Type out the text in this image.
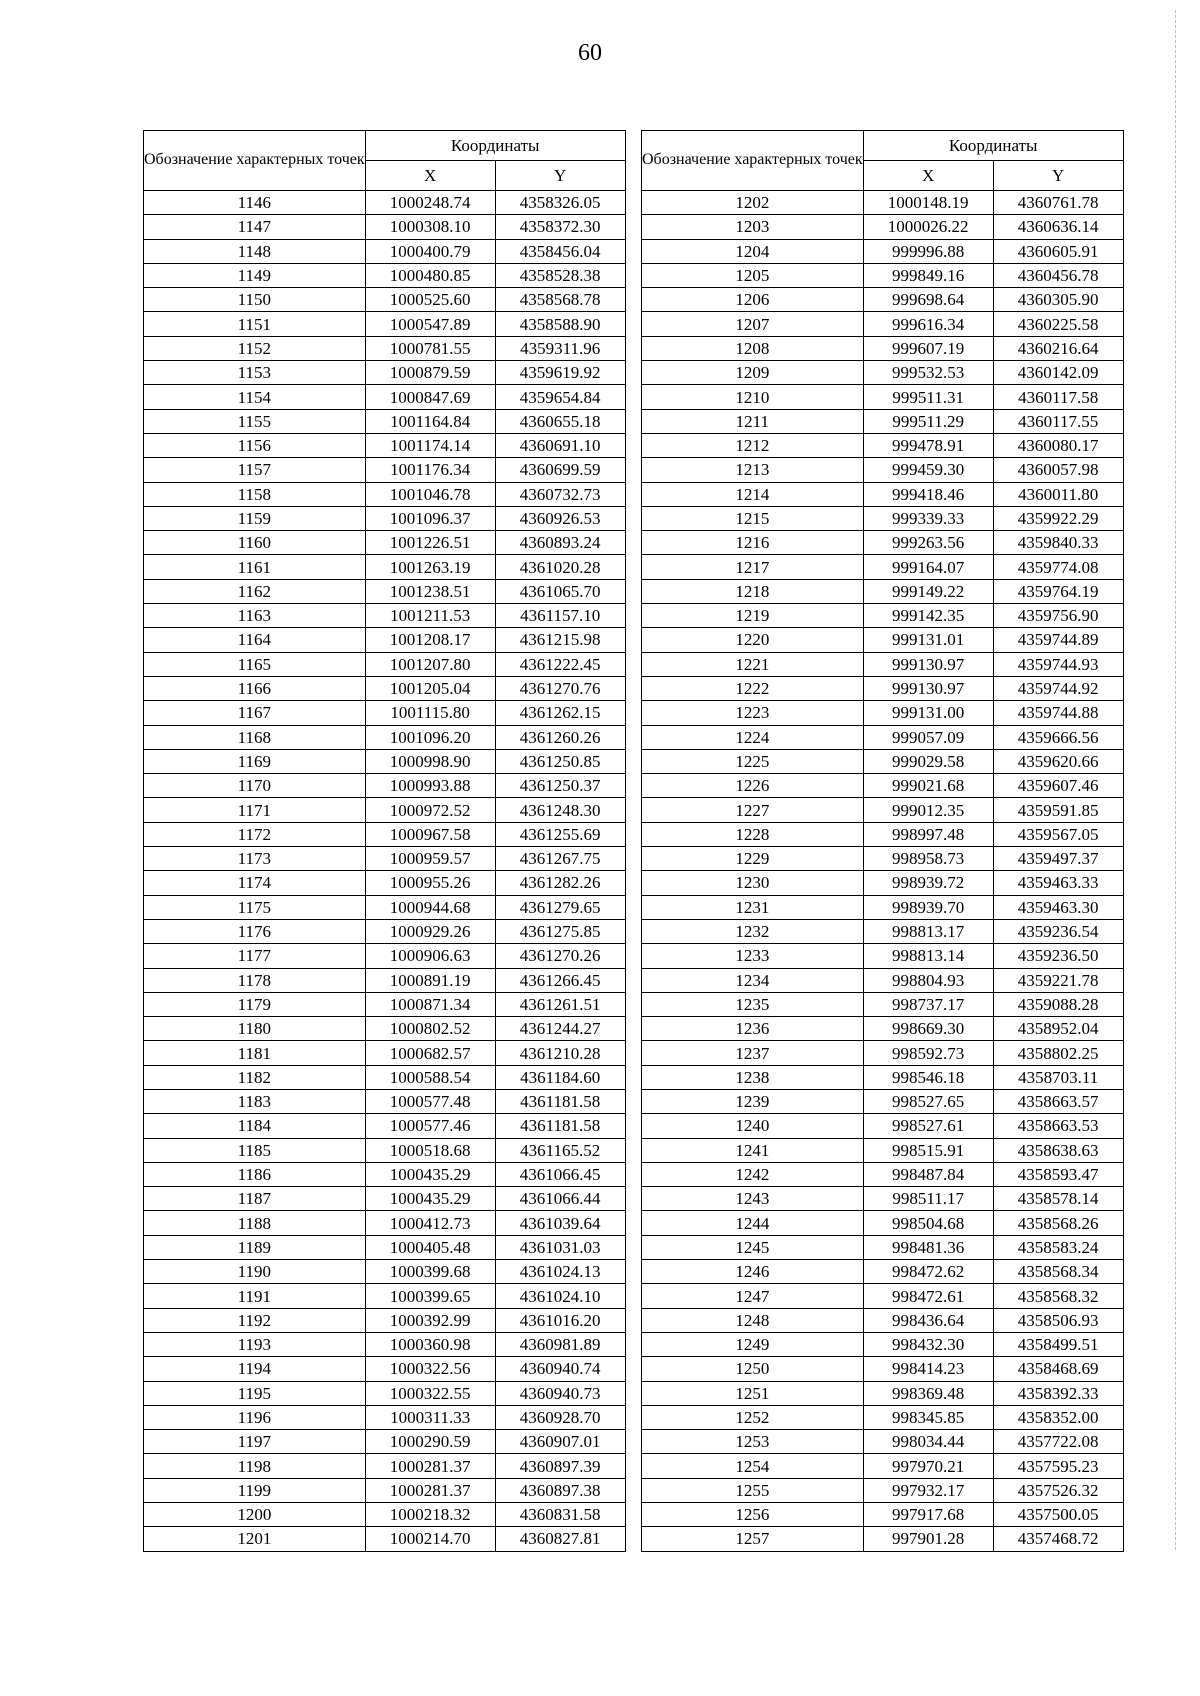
60
Обозначение характерных точек	Координаты	
	X	Y
1146	1000248.74	4358326.05
1147	1000308.10	4358372.30
1148	1000400.79	4358456.04
1149	1000480.85	4358528.38
1150	1000525.60	4358568.78
1151	1000547.89	4358588.90
1152	1000781.55	4359311.96
1153	1000879.59	4359619.92
1154	1000847.69	4359654.84
1155	1001164.84	4360655.18
1156	1001174.14	4360691.10
1157	1001176.34	4360699.59
1158	1001046.78	4360732.73
1159	1001096.37	4360926.53
1160	1001226.51	4360893.24
1161	1001263.19	4361020.28
1162	1001238.51	4361065.70
1163	1001211.53	4361157.10
1164	1001208.17	4361215.98
1165	1001207.80	4361222.45
1166	1001205.04	4361270.76
1167	1001115.80	4361262.15
1168	1001096.20	4361260.26
1169	1000998.90	4361250.85
1170	1000993.88	4361250.37
1171	1000972.52	4361248.30
1172	1000967.58	4361255.69
1173	1000959.57	4361267.75
1174	1000955.26	4361282.26
1175	1000944.68	4361279.65
1176	1000929.26	4361275.85
1177	1000906.63	4361270.26
1178	1000891.19	4361266.45
1179	1000871.34	4361261.51
1180	1000802.52	4361244.27
1181	1000682.57	4361210.28
1182	1000588.54	4361184.60
1183	1000577.48	4361181.58
1184	1000577.46	4361181.58
1185	1000518.68	4361165.52
1186	1000435.29	4361066.45
1187	1000435.29	4361066.44
1188	1000412.73	4361039.64
1189	1000405.48	4361031.03
1190	1000399.68	4361024.13
1191	1000399.65	4361024.10
1192	1000392.99	4361016.20
1193	1000360.98	4360981.89
1194	1000322.56	4360940.74
1195	1000322.55	4360940.73
1196	1000311.33	4360928.70
1197	1000290.59	4360907.01
1198	1000281.37	4360897.39
1199	1000281.37	4360897.38
1200	1000218.32	4360831.58
1201	1000214.70	4360827.81
Обозначение характерных точек	Координаты	
	X	Y
1202	1000148.19	4360761.78
1203	1000026.22	4360636.14
1204	999996.88	4360605.91
1205	999849.16	4360456.78
1206	999698.64	4360305.90
1207	999616.34	4360225.58
1208	999607.19	4360216.64
1209	999532.53	4360142.09
1210	999511.31	4360117.58
1211	999511.29	4360117.55
1212	999478.91	4360080.17
1213	999459.30	4360057.98
1214	999418.46	4360011.80
1215	999339.33	4359922.29
1216	999263.56	4359840.33
1217	999164.07	4359774.08
1218	999149.22	4359764.19
1219	999142.35	4359756.90
1220	999131.01	4359744.89
1221	999130.97	4359744.93
1222	999130.97	4359744.92
1223	999131.00	4359744.88
1224	999057.09	4359666.56
1225	999029.58	4359620.66
1226	999021.68	4359607.46
1227	999012.35	4359591.85
1228	998997.48	4359567.05
1229	998958.73	4359497.37
1230	998939.72	4359463.33
1231	998939.70	4359463.30
1232	998813.17	4359236.54
1233	998813.14	4359236.50
1234	998804.93	4359221.78
1235	998737.17	4359088.28
1236	998669.30	4358952.04
1237	998592.73	4358802.25
1238	998546.18	4358703.11
1239	998527.65	4358663.57
1240	998527.61	4358663.53
1241	998515.91	4358638.63
1242	998487.84	4358593.47
1243	998511.17	4358578.14
1244	998504.68	4358568.26
1245	998481.36	4358583.24
1246	998472.62	4358568.34
1247	998472.61	4358568.32
1248	998436.64	4358506.93
1249	998432.30	4358499.51
1250	998414.23	4358468.69
1251	998369.48	4358392.33
1252	998345.85	4358352.00
1253	998034.44	4357722.08
1254	997970.21	4357595.23
1255	997932.17	4357526.32
1256	997917.68	4357500.05
1257	997901.28	4357468.72
